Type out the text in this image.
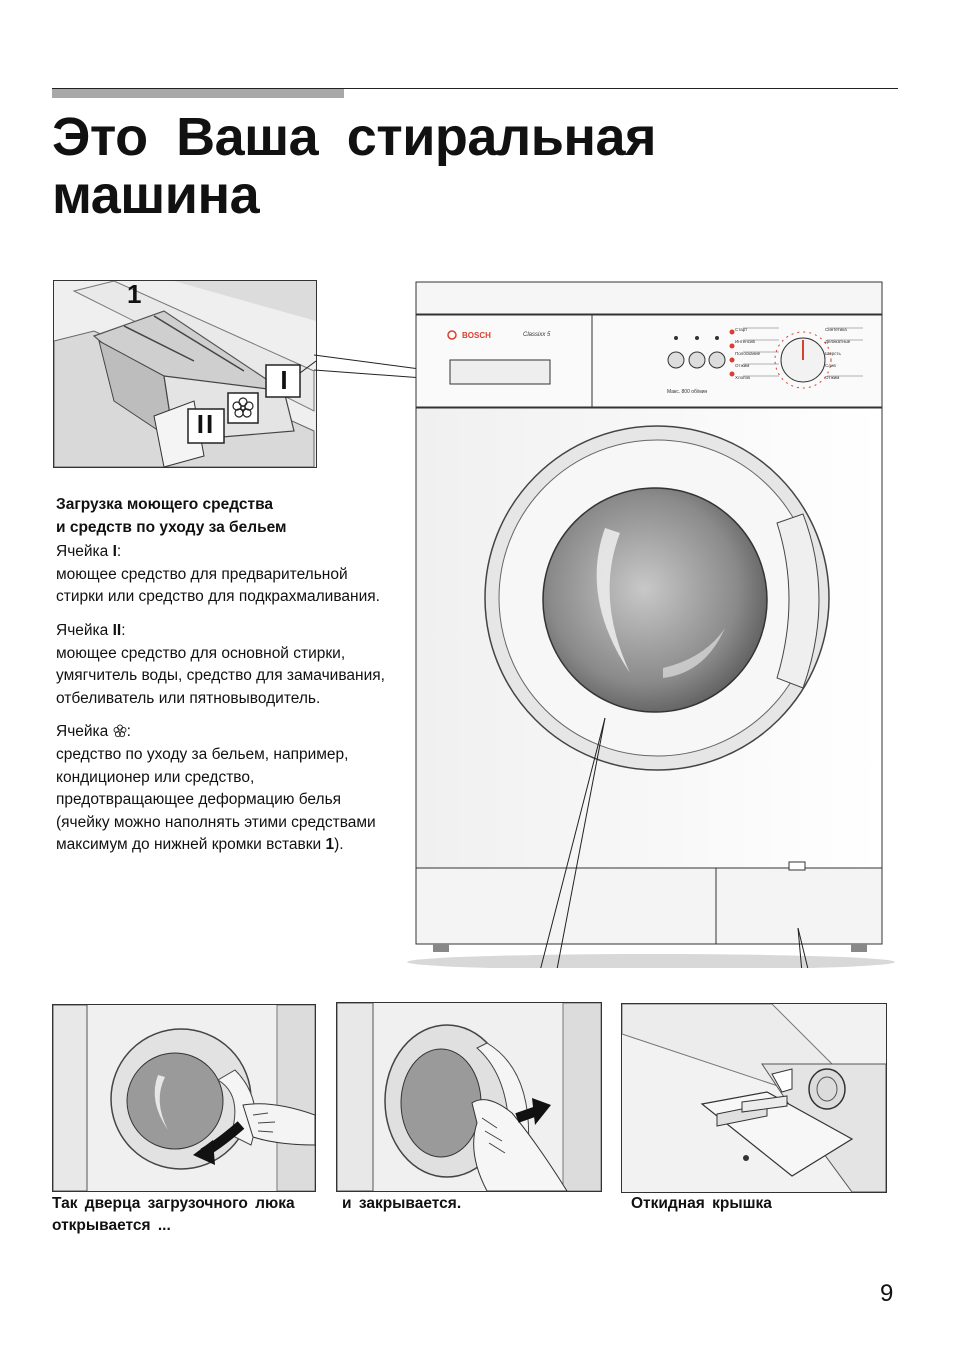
Это Ваша стиральная
машина
1
I
II
BOSCH	Classixx 5
Макс. 800 об/мин
Старт
Интенсив
Полоскание
Отжим
Хлопок
Синтетика
Деликатные
Шерсть
Слив
Отжим

Загрузка моющего средства
и средств по уходу за бельем

Ячейка I:
моющее средство для предварительной стирки или средство для подкрахмаливания.

Ячейка II:
моющее средство для основной стирки, умягчитель воды, средство для замачивания, отбеливатель или пятновыводитель.

Ячейка :
средство по уходу за бельем, например, кондиционер или средство, предотвращающее деформацию белья
(ячейку можно наполнять этими средствами максимум до нижней кромки вставки 1).

Так дверца загрузочного люка открывается ...
и закрывается.	Откидная крышка
9
